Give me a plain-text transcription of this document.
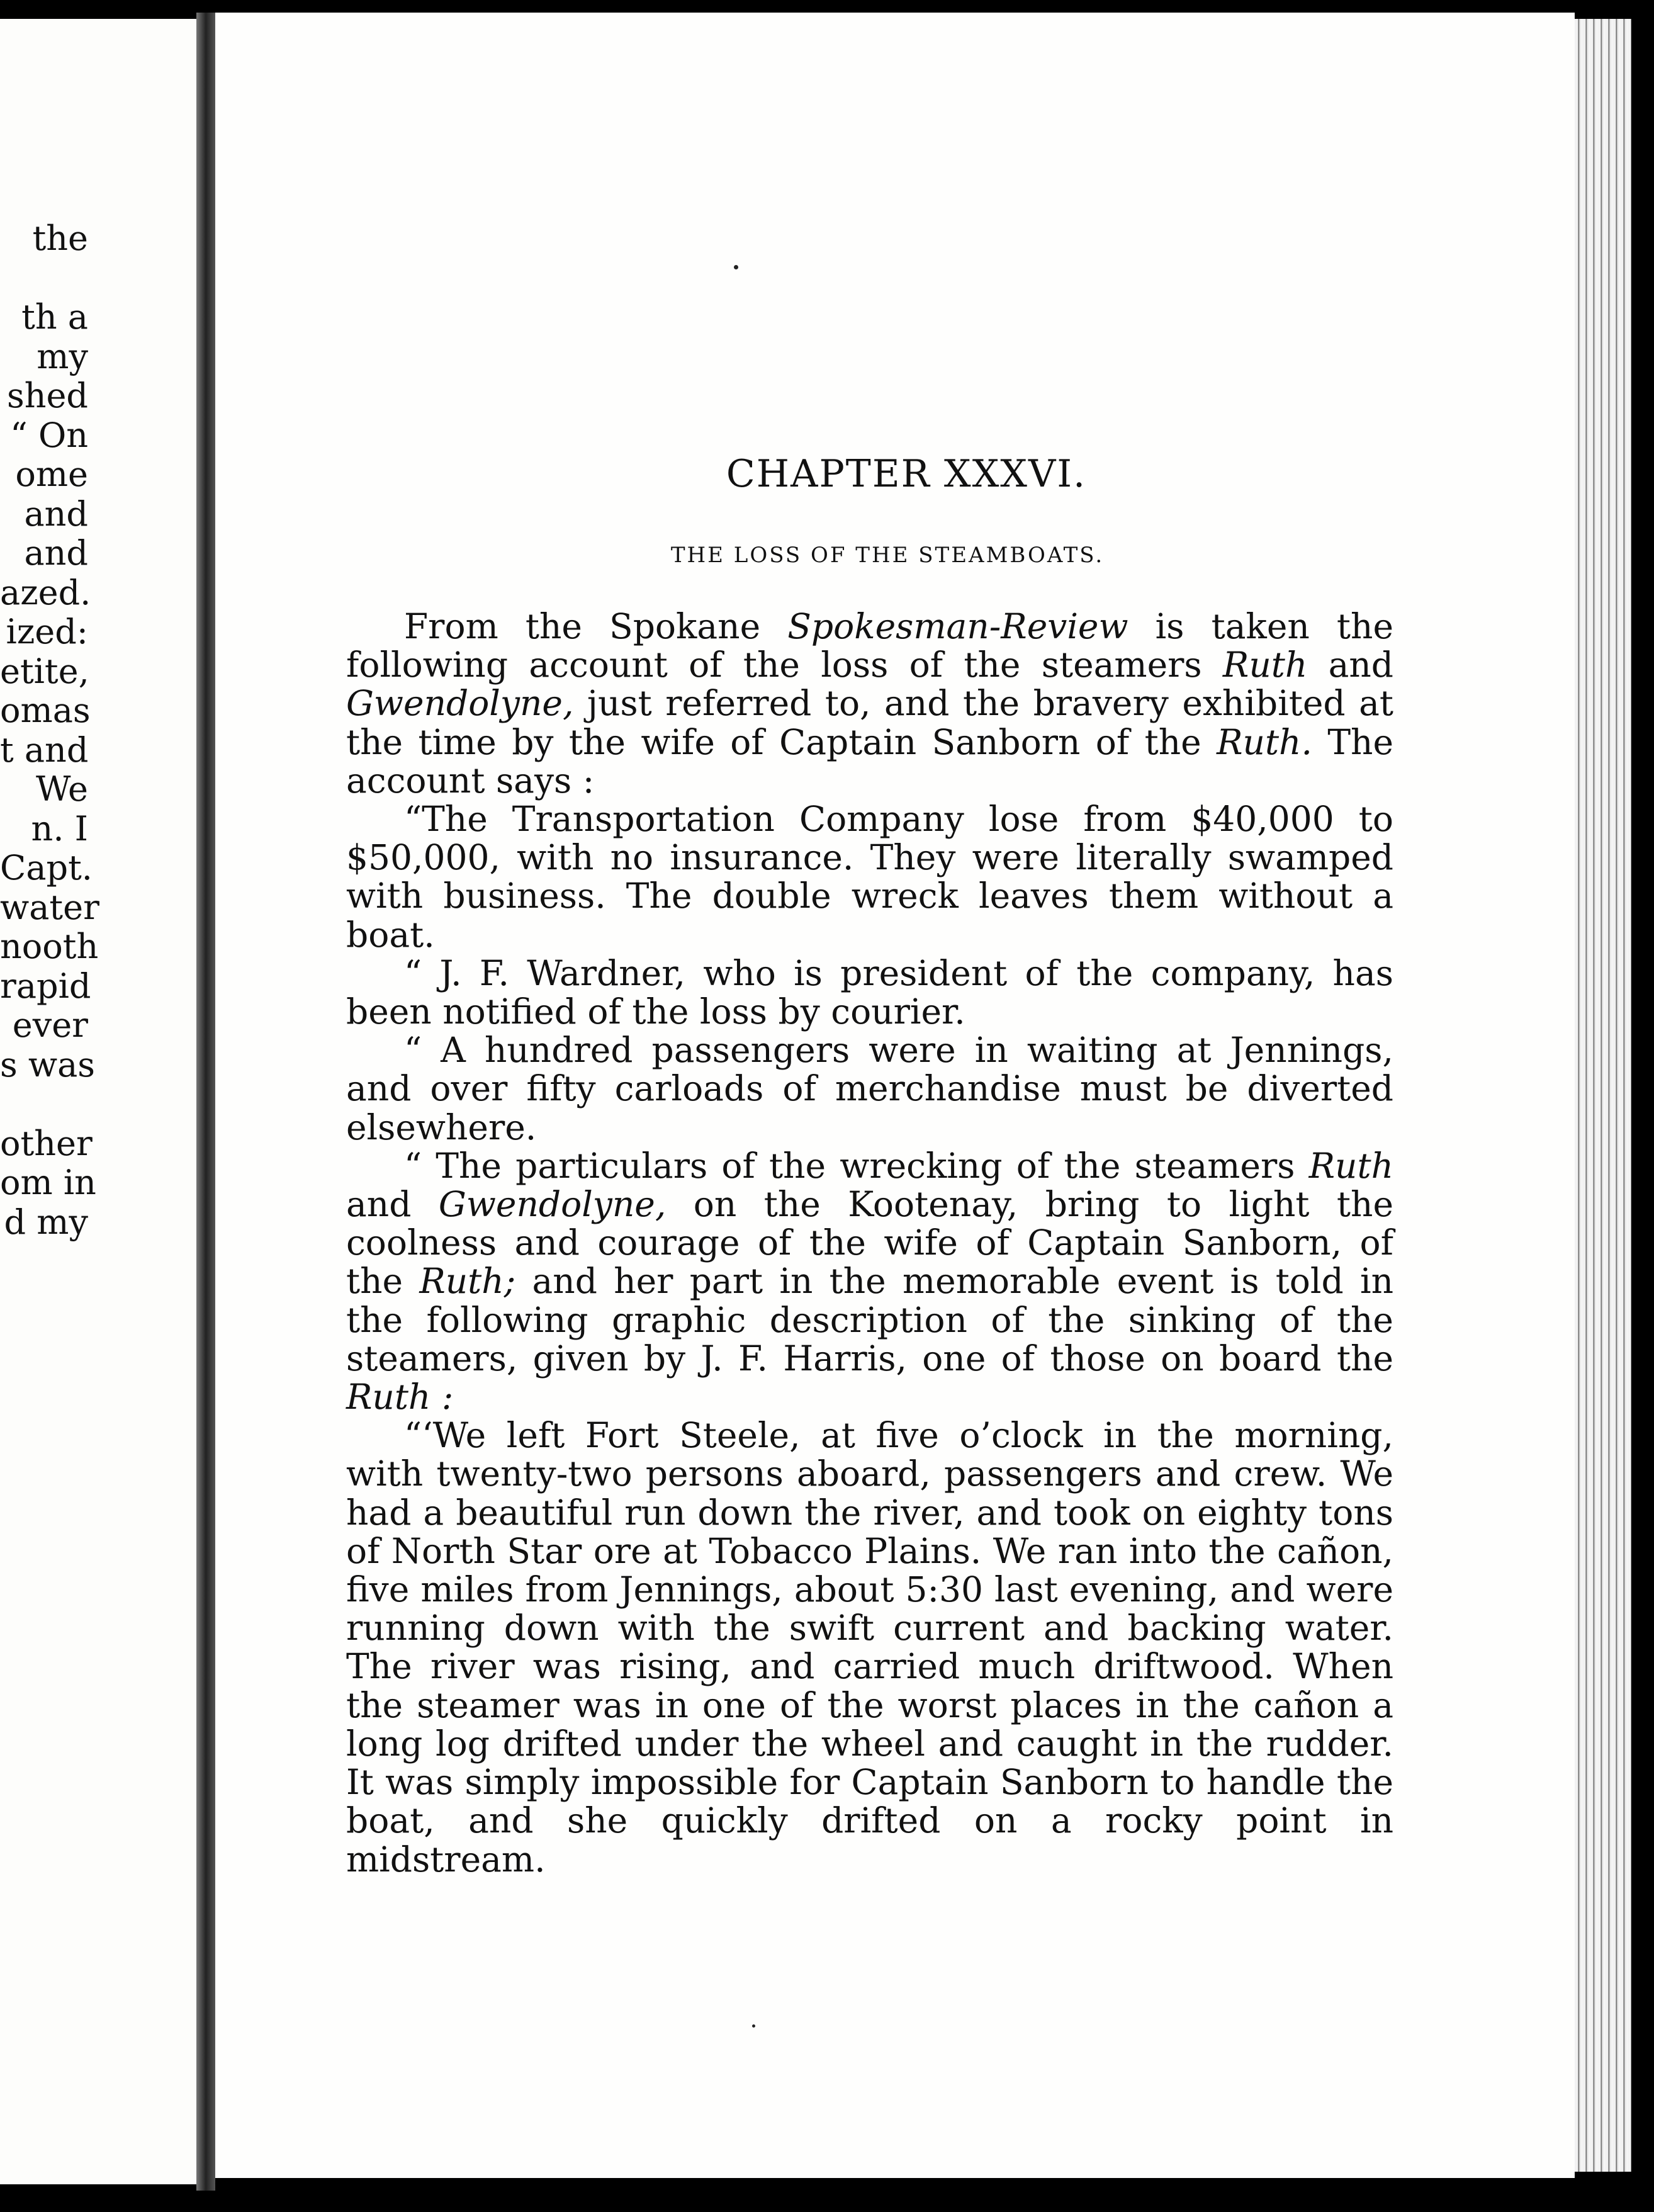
the
th a
my
shed
“ On
ome
and
and
azed.
ized:
etite,
omas
t and
We
n. I
Capt.
water
nooth
rapid
ever
s was
other
om in
d my
CHAPTER XXXVI.
THE LOSS OF THE STEAMBOATS.

From the Spokane Spokesman-Review is taken the following account of the loss of the steamers Ruth and Gwendolyne, just referred to, and the bravery exhibited at the time by the wife of Captain Sanborn of the Ruth. The account says :

“The Transportation Company lose from $40,000 to $50,000, with no insurance. They were literally swamped with business. The double wreck leaves them without a boat.

“ J. F. Wardner, who is president of the company, has been notified of the loss by courier.

“ A hundred passengers were in waiting at Jennings, and over fifty carloads of merchandise must be diverted elsewhere.

“ The particulars of the wrecking of the steamers Ruth and Gwendolyne, on the Kootenay, bring to light the coolness and courage of the wife of Captain Sanborn, of the Ruth; and her part in the memorable event is told in the following graphic description of the sinking of the steamers, given by J. F. Harris, one of those on board the Ruth :

“‘We left Fort Steele, at five o’clock in the morning, with twenty-two persons aboard, passengers and crew. We had a beautiful run down the river, and took on eighty tons of North Star ore at Tobacco Plains. We ran into the cañon, five miles from Jennings, about 5:30 last evening, and were running down with the swift current and backing water. The river was rising, and carried much driftwood. When the steamer was in one of the worst places in the cañon a long log drifted under the wheel and caught in the rudder. It was simply impossible for Captain Sanborn to handle the boat, and she quickly drifted on a rocky point in midstream.
